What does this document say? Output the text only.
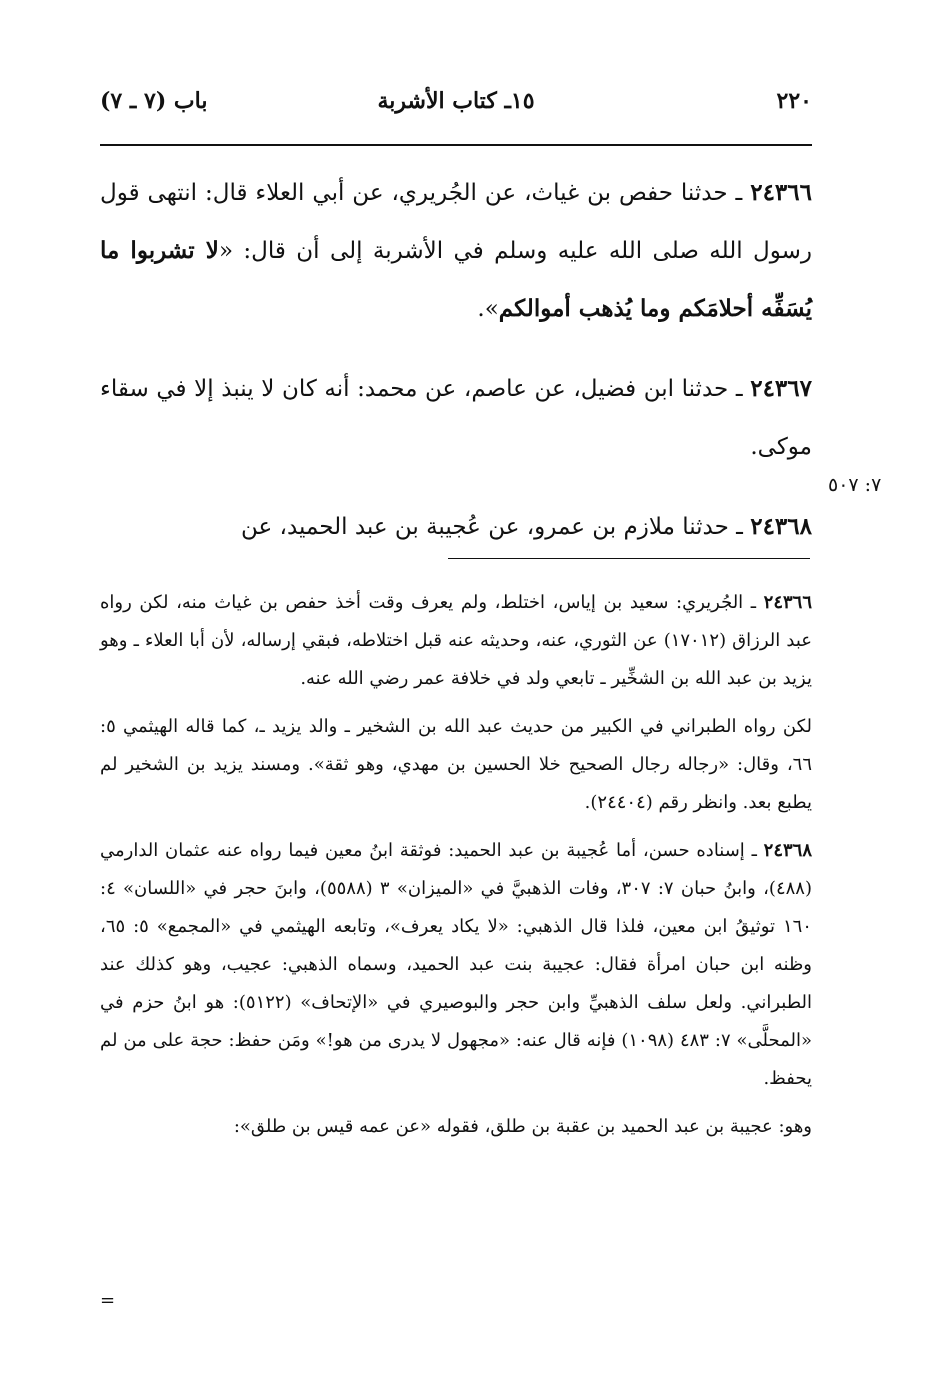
٢٢٠
١٥ـ كتاب الأشربة
باب (٧ ـ ٧)

٢٤٣٦٦ ـ حدثنا حفص بن غياث، عن الجُريري، عن أبي العلاء قال: انتهى قول رسول الله صلى الله عليه وسلم في الأشربة إلى أن قال: «لا تشربوا ما يُسَفِّه أحلامَكم وما يُذهب أموالكم».

٢٤٣٦٧ ـ حدثنا ابن فضيل، عن عاصم، عن محمد: أنه كان لا ينبذ إلا في سقاء موكى.

٢٤٣٦٨ ـ حدثنا ملازم بن عمرو، عن عُجيبة بن عبد الحميد، عن

٧: ٥٠٧

٢٤٣٦٦ ـ الجُريري: سعيد بن إياس، اختلط، ولم يعرف وقت أخذ حفص بن غياث منه، لكن رواه عبد الرزاق (١٧٠١٢) عن الثوري، عنه، وحديثه عنه قبل اختلاطه، فبقي إرساله، لأن أبا العلاء ـ وهو يزيد بن عبد الله بن الشخِّير ـ تابعي ولد في خلافة عمر رضي الله عنه.

لكن رواه الطبراني في الكبير من حديث عبد الله بن الشخير ـ والد يزيد ـ، كما قاله الهيثمي ٥: ٦٦، وقال: «رجاله رجال الصحيح خلا الحسين بن مهدي، وهو ثقة». ومسند يزيد بن الشخير لم يطبع بعد. وانظر رقم (٢٤٤٠٤).

٢٤٣٦٨ ـ إسناده حسن، أما عُجيبة بن عبد الحميد: فوثقة ابنُ معين فيما رواه عنه عثمان الدارمي (٤٨٨)، وابنُ حبان ٧: ٣٠٧، وفات الذهبيَّ في «الميزان» ٣ (٥٥٨٨)، وابنَ حجر في «اللسان» ٤: ١٦٠ توثيقُ ابن معين، فلذا قال الذهبي: «لا يكاد يعرف»، وتابعه الهيثمي في «المجمع» ٥: ٦٥، وظنه ابن حبان امرأة فقال: عجيبة بنت عبد الحميد، وسماه الذهبي: عجيب، وهو كذلك عند الطبراني. ولعل سلف الذهبيِّ وابن حجر والبوصيري في «الإتحاف» (٥١٢٢): هو ابنُ حزم في «المحلَّى» ٧: ٤٨٣ (١٠٩٨) فإنه قال عنه: «مجهول لا يدرى من هو!» ومَن حفظ: حجة على من لم يحفظ.

وهو: عجيبة بن عبد الحميد بن عقبة بن طلق، فقوله «عن عمه قيس بن طلق»:

=
